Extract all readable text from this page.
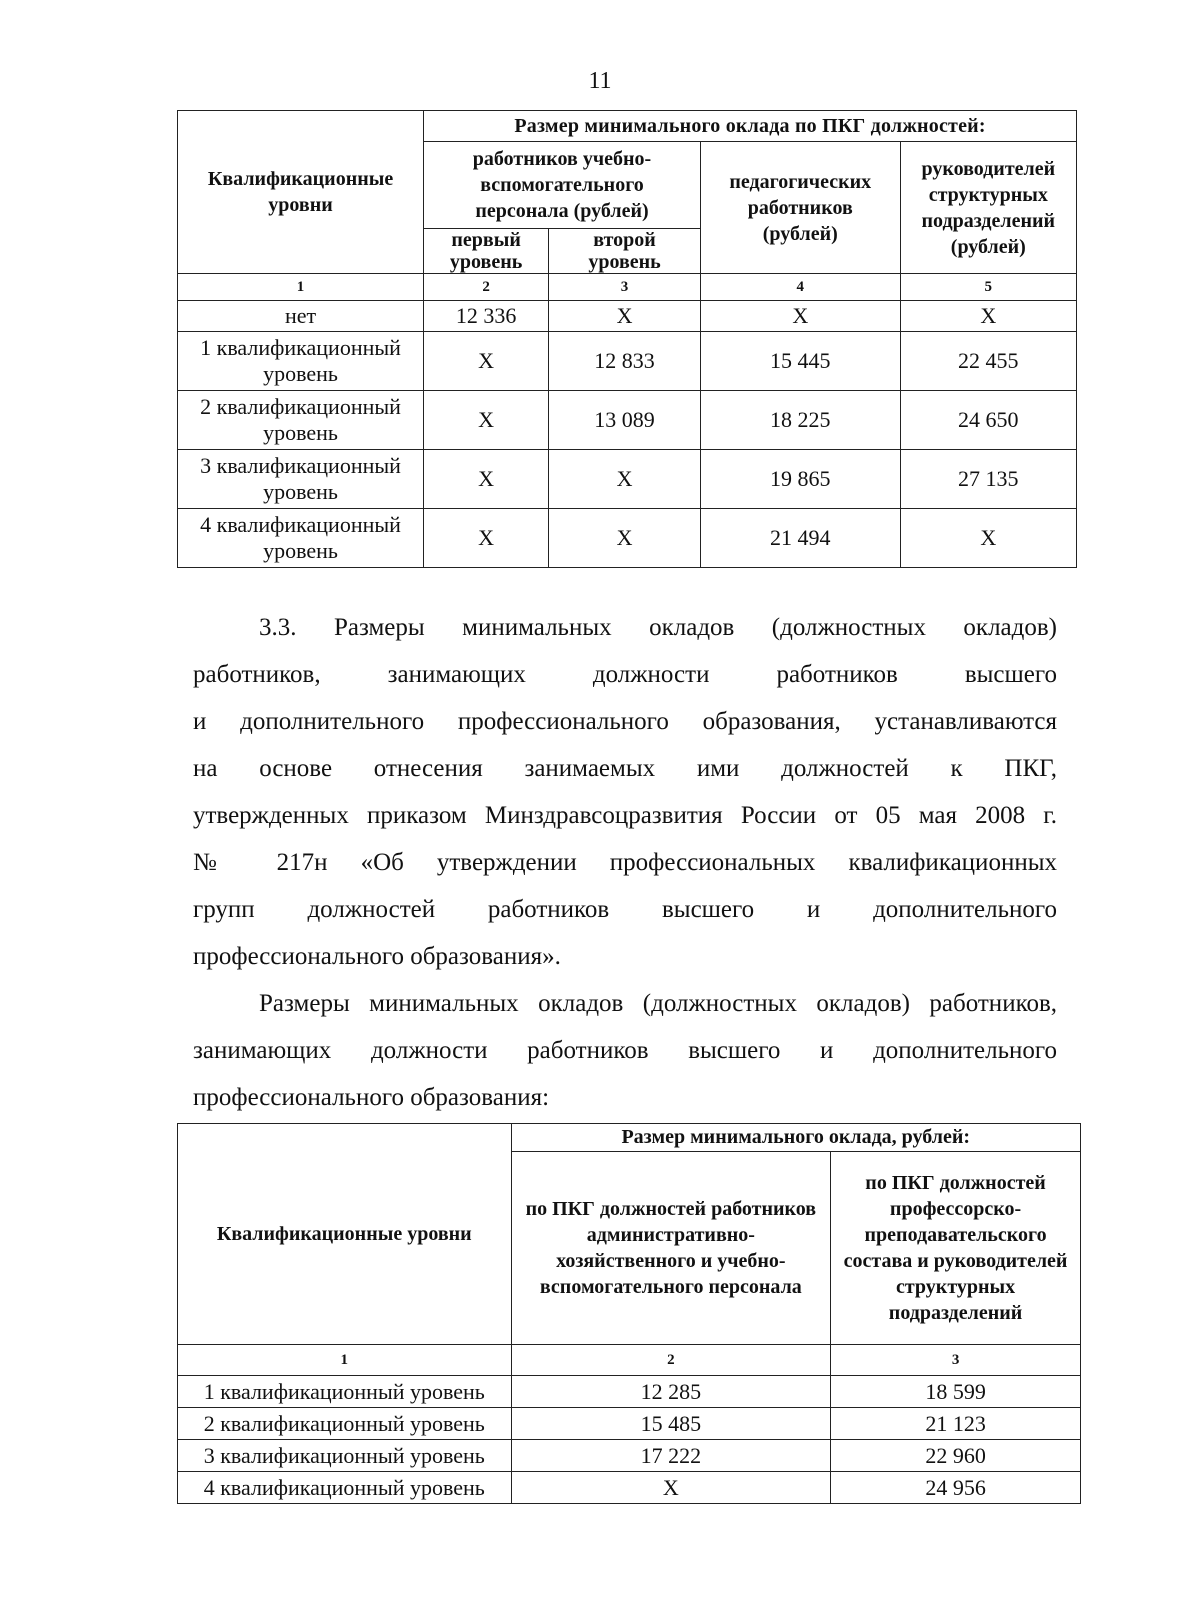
11
Квалификационные уровни	Размер минимального оклада по ПКГ должностей:			
	работников учебно-вспомогательного персонала (рублей)		педагогических работников (рублей)	руководителей структурных подразделений (рублей)
	первый уровень	второй уровень		
1	2	3	4	5
нет	12 336	Х	Х	Х
1 квалификационный уровень	Х	12 833	15 445	22 455
2 квалификационный уровень	Х	13 089	18 225	24 650
3 квалификационный уровень	Х	Х	19 865	27 135
4 квалификационный уровень	Х	Х	21 494	Х
3.3. Размеры минимальных окладов (должностных окладов)
работников, занимающих должности работников высшего
и дополнительного профессионального образования, устанавливаются
на основе отнесения занимаемых ими должностей к ПКГ,
утвержденных приказом Минздравсоцразвития России от 05 мая 2008 г.
№ 217н «Об утверждении профессиональных квалификационных
групп должностей работников высшего и дополнительного
профессионального образования».
Размеры минимальных окладов (должностных окладов) работников,
занимающих должности работников высшего и дополнительного
профессионального образования:
Квалификационные уровни	Размер минимального оклада, рублей:	
	по ПКГ должностей работников административно-хозяйственного и учебно-вспомогательного персонала	по ПКГ должностей профессорско-преподавательского состава и руководителей структурных подразделений
1	2	3
1 квалификационный уровень	12 285	18 599
2 квалификационный уровень	15 485	21 123
3 квалификационный уровень	17 222	22 960
4 квалификационный уровень	Х	24 956
